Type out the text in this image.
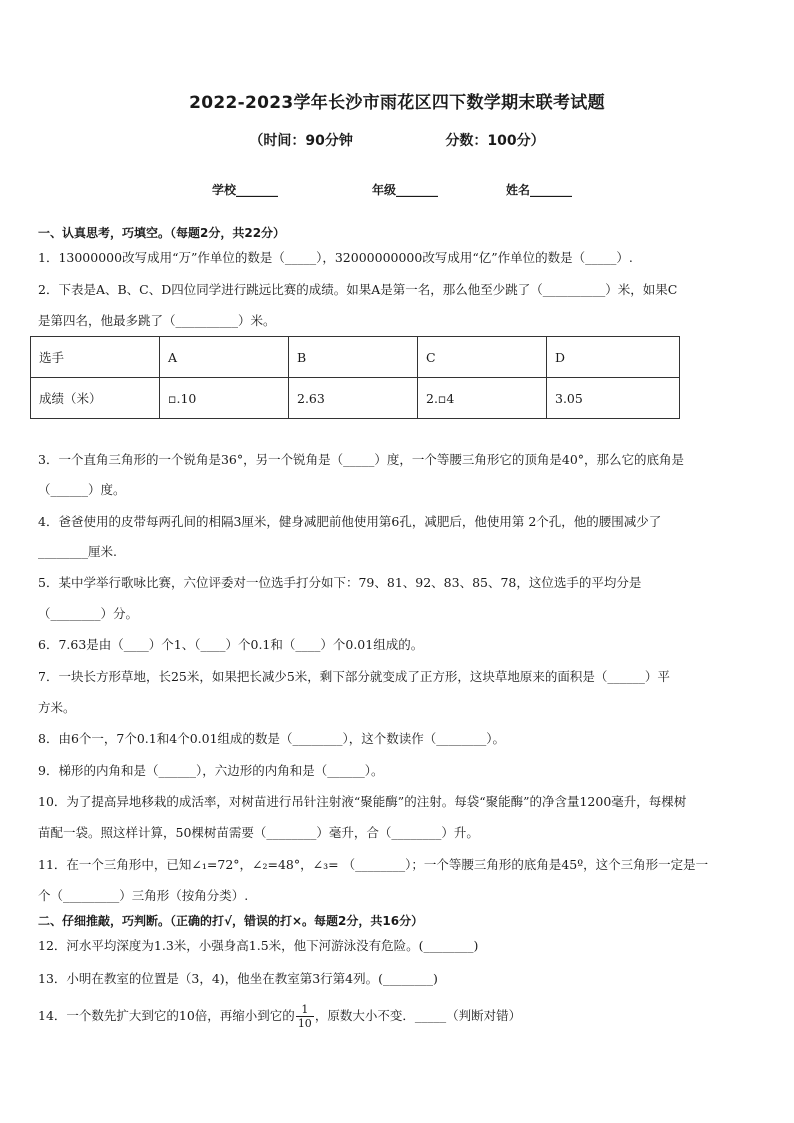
2022-2023学年长沙市雨花区四下数学期末联考试题
（时间：90分钟                   分数：100分）
学校_______	年级_______	姓名_______
一、认真思考，巧填空。（每题2分，共22分）
1．13000000改写成用“万”作单位的数是（_____），32000000000改写成用“亿”作单位的数是（_____）.
2．下表是A、B、C、D四位同学进行跳远比赛的成绩。如果A是第一名，那么他至少跳了（__________）米，如果C
是第四名，他最多跳了（__________）米。
选手	A	B	C	D
成绩（米）	▫.10	2.63	2.▫4	3.05
3．一个直角三角形的一个锐角是36°，另一个锐角是（_____）度，一个等腰三角形它的顶角是40°，那么它的底角是
（______）度。
4．爸爸使用的皮带每两孔间的相隔3厘米，健身减肥前他使用第6孔，减肥后，他使用第 2个孔，他的腰围减少了
________厘米.
5．某中学举行歌咏比赛，六位评委对一位选手打分如下：79、81、92、83、85、78，这位选手的平均分是
（________）分。
6．7.63是由（____）个1、（____）个0.1和（____）个0.01组成的。
7．一块长方形草地，长25米，如果把长减少5米，剩下部分就变成了正方形，这块草地原来的面积是（______）平
方米。
8．由6个一，7个0.1和4个0.01组成的数是（________），这个数读作（________）。
9．梯形的内角和是（______），六边形的内角和是（______）。
10．为了提高异地移栽的成活率，对树苗进行吊针注射液“聚能酶”的注射。每袋“聚能酶”的净含量1200毫升，每棵树
苗配一袋。照这样计算，50棵树苗需要（________）毫升，合（________）升。
11．在一个三角形中，已知∠₁=72°，∠₂=48°，∠₃= （________）；一个等腰三角形的底角是45º，这个三角形一定是一
个（_________）三角形（按角分类）.
二、仔细推敲，巧判断。（正确的打√，错误的打×。每题2分，共16分）
12．河水平均深度为1.3米，小强身高1.5米，他下河游泳没有危险。(________)
13．小明在教室的位置是（3，4)，他坐在教室第3行第4列。(________)
14．一个数先扩大到它的10倍，再缩小到它的 $\frac{1}{10}$ ，原数大小不变．_____（判断对错）
